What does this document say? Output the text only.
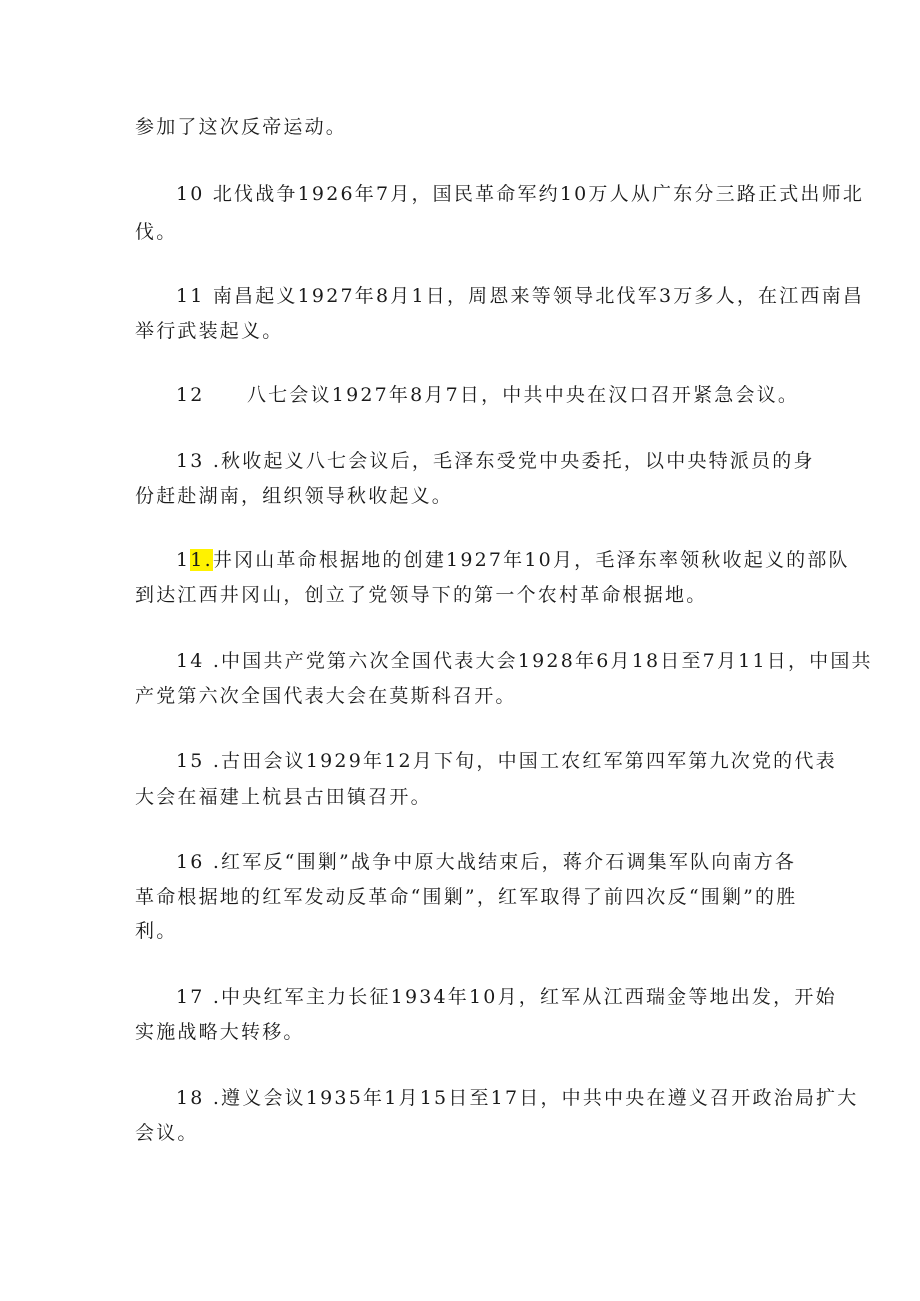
参加了这次反帝运动。
10 北伐战争1926年7月，国民革命军约10万人从广东分三路正式出师北
伐。
11 南昌起义1927年8月1日，周恩来等领导北伐军3万多人，在江西南昌
举行武装起义。
12　　八七会议1927年8月7日，中共中央在汉口召开紧急会议。
13 .秋收起义八七会议后，毛泽东受党中央委托，以中央特派员的身
份赶赴湖南，组织领导秋收起义。
11.井冈山革命根据地的创建1927年10月，毛泽东率领秋收起义的部队
到达江西井冈山，创立了党领导下的第一个农村革命根据地。
14 .中国共产党第六次全国代表大会1928年6月18日至7月11日，中国共
产党第六次全国代表大会在莫斯科召开。
15 .古田会议1929年12月下旬，中国工农红军第四军第九次党的代表
大会在福建上杭县古田镇召开。
16 .红军反“围剿”战争中原大战结束后，蒋介石调集军队向南方各
革命根据地的红军发动反革命“围剿”，红军取得了前四次反“围剿”的胜
利。
17 .中央红军主力长征1934年10月，红军从江西瑞金等地出发，开始
实施战略大转移。
18 .遵义会议1935年1月15日至17日，中共中央在遵义召开政治局扩大
会议。
